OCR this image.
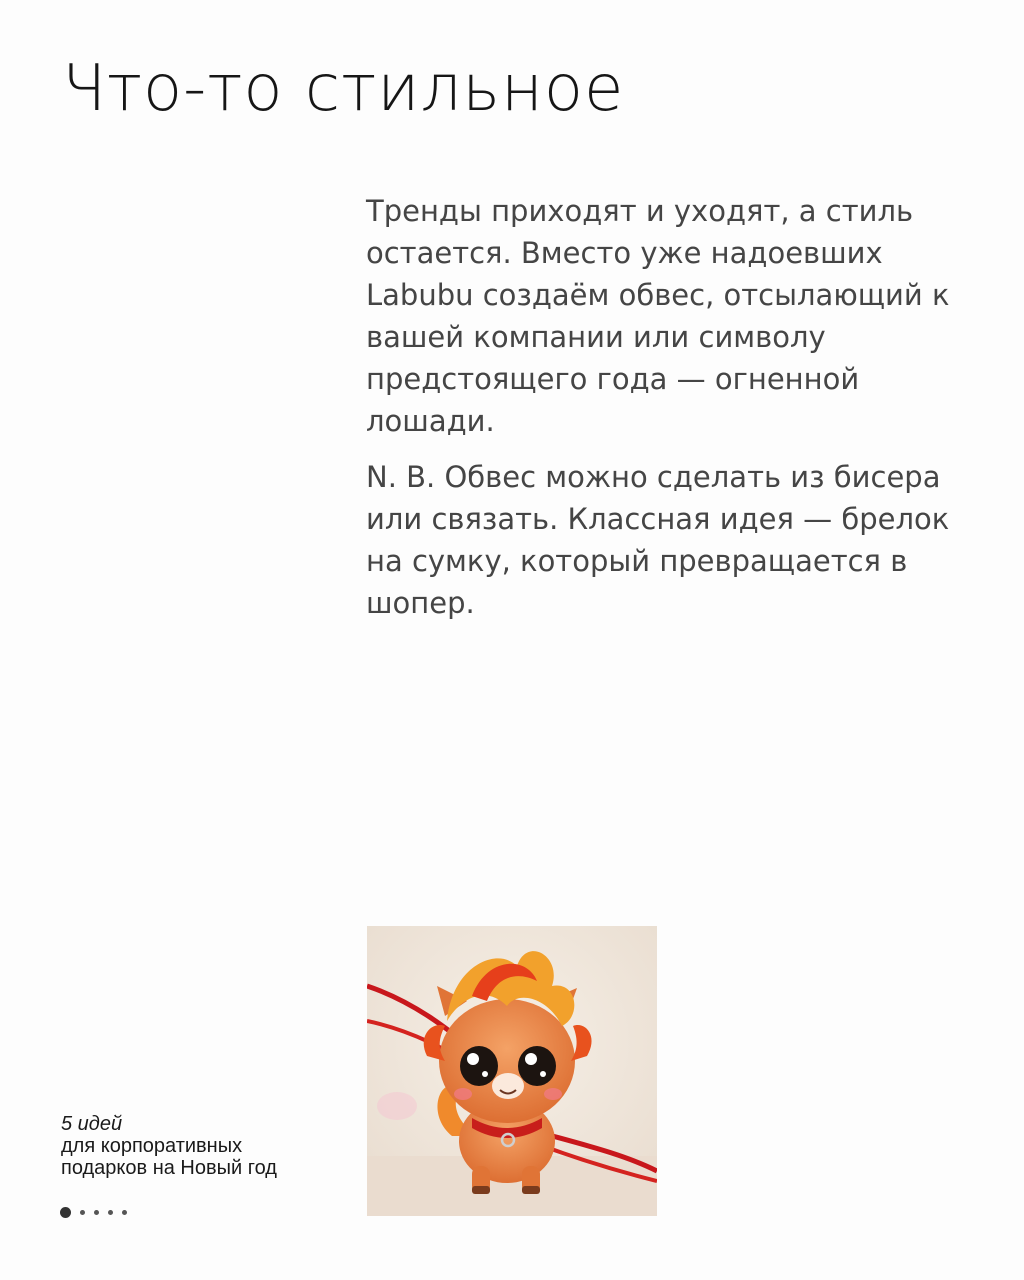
Что-то стильное

Тренды приходят и уходят, а стиль остается. Вместо уже надоевших Labubu создаём обвес, отсылающий к вашей компании или символу предстоящего года — огненной лошади.

N. B. Обвес можно сделать из бисера или связать. Классная идея — брелок на сумку, который превращается в шопер.

5 идей
для корпоративных подарков на Новый год
